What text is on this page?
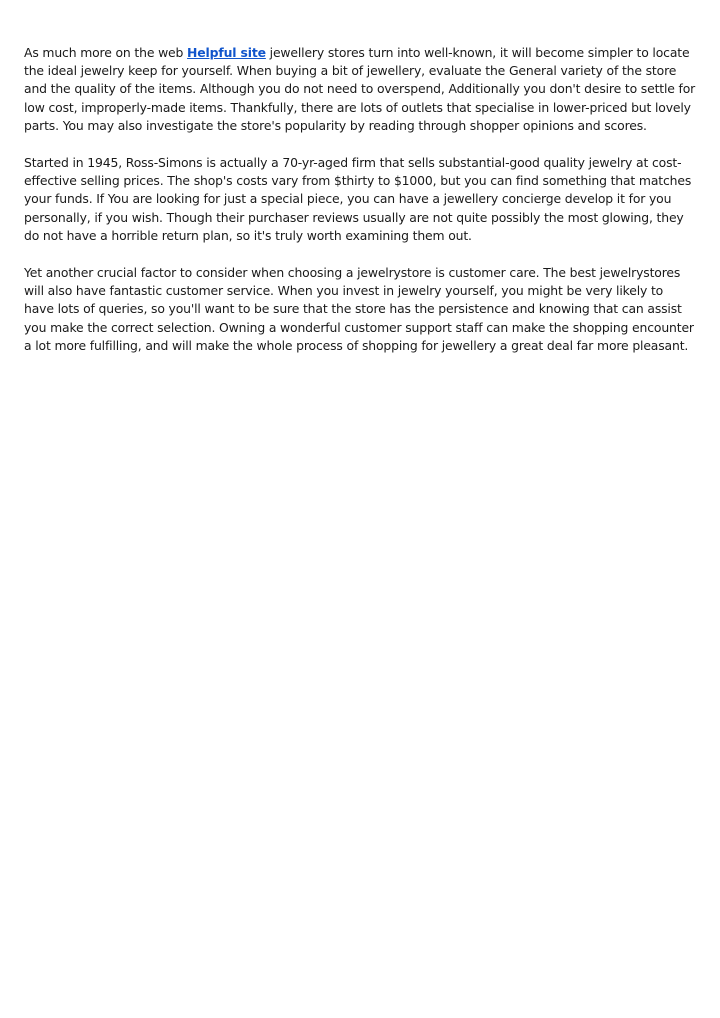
As much more on the web Helpful site jewellery stores turn into well-known, it will become simpler to locate the ideal jewelry keep for yourself. When buying a bit of jewellery, evaluate the General variety of the store and the quality of the items. Although you do not need to overspend, Additionally you don't desire to settle for low cost, improperly-made items. Thankfully, there are lots of outlets that specialise in lower-priced but lovely parts. You may also investigate the store's popularity by reading through shopper opinions and scores.

Started in 1945, Ross-Simons is actually a 70-yr-aged firm that sells substantial-good quality jewelry at cost-effective selling prices. The shop's costs vary from $thirty to $1000, but you can find something that matches your funds. If You are looking for just a special piece, you can have a jewellery concierge develop it for you personally, if you wish. Though their purchaser reviews usually are not quite possibly the most glowing, they do not have a horrible return plan, so it's truly worth examining them out.

Yet another crucial factor to consider when choosing a jewelrystore is customer care. The best jewelrystores will also have fantastic customer service. When you invest in jewelry yourself, you might be very likely to have lots of queries, so you'll want to be sure that the store has the persistence and knowing that can assist you make the correct selection. Owning a wonderful customer support staff can make the shopping encounter a lot more fulfilling, and will make the whole process of shopping for jewellery a great deal far more pleasant.
